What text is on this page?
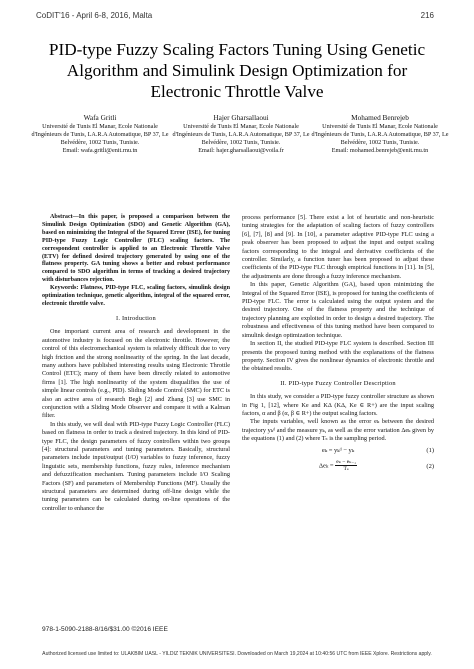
CoDIT'16 - April 6-8, 2016, Malta	216
PID-type Fuzzy Scaling Factors Tuning Using Genetic Algorithm and Simulink Design Optimization for Electronic Throttle Valve
Wafa Gritli
Université de Tunis El Manar, Ecole Nationale d'Ingénieurs de Tunis, LA.R.A Automatique, BP 37, Le Belvédère, 1002 Tunis, Tunisie.
Email: wafa.gritli@enit.rnu.tn
Hajer Gharsallaoui
Université de Tunis El Manar, Ecole Nationale d'Ingénieurs de Tunis, LA.R.A Automatique, BP 37, Le Belvédère, 1002 Tunis, Tunisie.
Email: hajer.gharsallaoui@voila.fr
Mohamed Benrejeb
Université de Tunis El Manar, Ecole Nationale d'Ingénieurs de Tunis, LA.R.A Automatique, BP 37, Le Belvédère, 1002 Tunis, Tunisie.
Email: mohamed.benrejeb@enit.rnu.tn

Abstract—In this paper, is proposed a comparison between the Simulink Design Optimization (SDO) and Genetic Algorithm (GA), based on minimizing the Integral of the Squared Error (ISE), for tuning PID-type Fuzzy Logic Controller (FLC) scaling factors. The correspondent controller is applied to an Electronic Throttle Valve (ETV) for defined desired trajectory generated by using one of the flatness property. GA tuning shows a better and robust performance compared to SDO algorithm in terms of tracking a desired trajectory with disturbances rejection.

Keywords: Flatness, PID-type FLC, scaling factors, simulink design optimization technique, genetic algorithm, integral of the squared error, electronic throttle valve.

I. Introduction

One important current area of research and development in the automotive industry is focused on the electronic throttle. However, the control of this electromechanical system is relatively difficult due to very high friction and the strong nonlinearity of the spring. In the last decade, many authors have published interesting results using Electronic Throttle Control (ETC); many of them have been directly related to automotive firms [1]. The high nonlinearity of the system disqualifies the use of simple linear controls (e.g., PID). Sliding Mode Control (SMC) for ETC is also an active area of research Begh [2] and Zhang [3] use SMC in conjunction with a Sliding Mode Observer and compare it with a Kalman filter.

In this study, we will deal with PID-type Fuzzy Logic Controller (FLC) based on flatness in order to track a desired trajectory. In this kind of PID-type FLC, the design parameters of fuzzy controllers within two groups [4]: structural parameters and tuning parameters. Basically, structural parameters include input/output (I/O) variables to fuzzy inference, fuzzy linguistic sets, membership functions, fuzzy rules, inference mechanism and defuzzification mechanism. Tuning parameters include I/O Scaling Factors (SF) and parameters of Membership Functions (MF). Usually the structural parameters are determined during off-line design while the tuning parameters can be calculated during on-line operations of the controller to enhance the

process performance [5]. There exist a lot of heuristic and non-heuristic tuning strategies for the adaptation of scaling factors of fuzzy controllers [6], [7], [8] and [9]. In [10], a parameter adaptive PID-type FLC using a peak observer has been proposed to adjust the input and output scaling factors corresponding to the integral and derivative coefficients of the controller. Similarly, a function tuner has been proposed to adjust these coefficients of the PID-type FLC through empirical functions in [11]. In [5], the adjustments are done through a fuzzy inference mechanism.

In this paper, Genetic Algorithm (GA), based upon minimizing the Integral of the Squared Error (ISE), is proposed for tuning the coefficients of PID-type FLC. The error is calculated using the output system and the desired trajectory. One of the flatness property and the technique of trajectory planning are exploited in order to design a desired trajectory. The robustness and effectiveness of this tuning method have been compared to simulink design optimization technique.

In section II, the studied PID-type FLC system is described. Section III presents the proposed tuning method with the explanations of the flatness property. Section IV gives the nonlinear dynamics of electronic throttle and the obtained results.

II. PID-type Fuzzy Controller Description

In this study, we consider a PID-type fuzzy controller structure as shown in Fig 1, [12], where Ke and KΔ (KΔ, Ke ∈ R+) are the input scaling factors, α and β (α, β ∈ R+) the output scaling factors.

The inputs variables, well known as the error eₖ between the desired trajectory yₖᵈ and the measure yₖ, as well as the error variation Δeₖ given by the equations (1) and (2) where Tₛ is the sampling period.

eₖ = yₖᵈ − yₖ	(1)
$\Delta e_k = \frac{\text{eₖ − eₖ₋₁}}{\text{Tₛ}}$	(2)
978-1-5090-2188-8/16/$31.00 ©2016 IEEE
Authorized licensed use limited to: ULAKBIM UASL - YILDIZ TEKNIK UNIVERSITESI. Downloaded on March 19,2024 at 10:40:56 UTC from IEEE Xplore. Restrictions apply.
